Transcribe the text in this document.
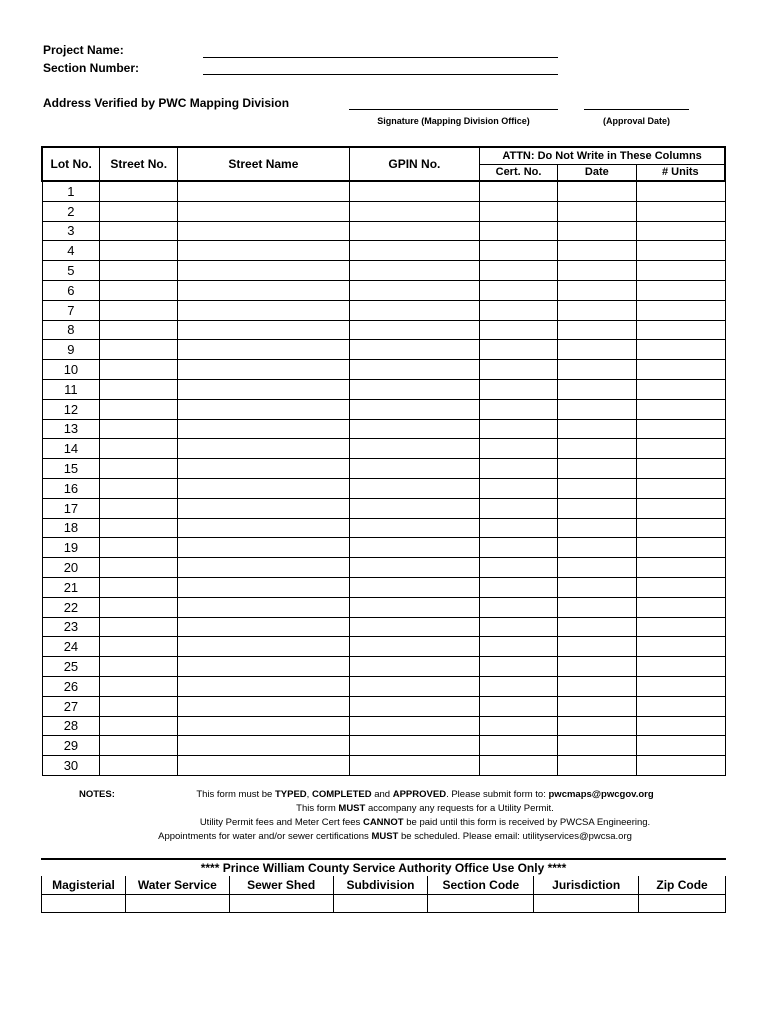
Project Name:
Section Number:
Address Verified by PWC Mapping Division
Signature (Mapping Division Office)	(Approval Date)
Lot No.	Street No.	Street Name	GPIN No.	ATTN: Do Not Write in These Columns		
				Cert. No.	Date	# Units
1						
2						
3						
4						
5						
6						
7						
8						
9						
10						
11						
12						
13						
14						
15						
16						
17						
18						
19						
20						
21						
22						
23						
24						
25						
26						
27						
28						
29						
30						
NOTES:	This form must be TYPED, COMPLETED and APPROVED. Please submit form to: pwcmaps@pwcgov.org
This form MUST accompany any requests for a Utility Permit.
Utility Permit fees and Meter Cert fees CANNOT be paid until this form is received by PWCSA Engineering.
Appointments for water and/or sewer certifications MUST be scheduled. Please email: utilityservices@pwcsa.org
**** Prince William County Service Authority Office Use Only ****
Magisterial	Water Service	Sewer Shed	Subdivision	Section Code	Jurisdiction	Zip Code
